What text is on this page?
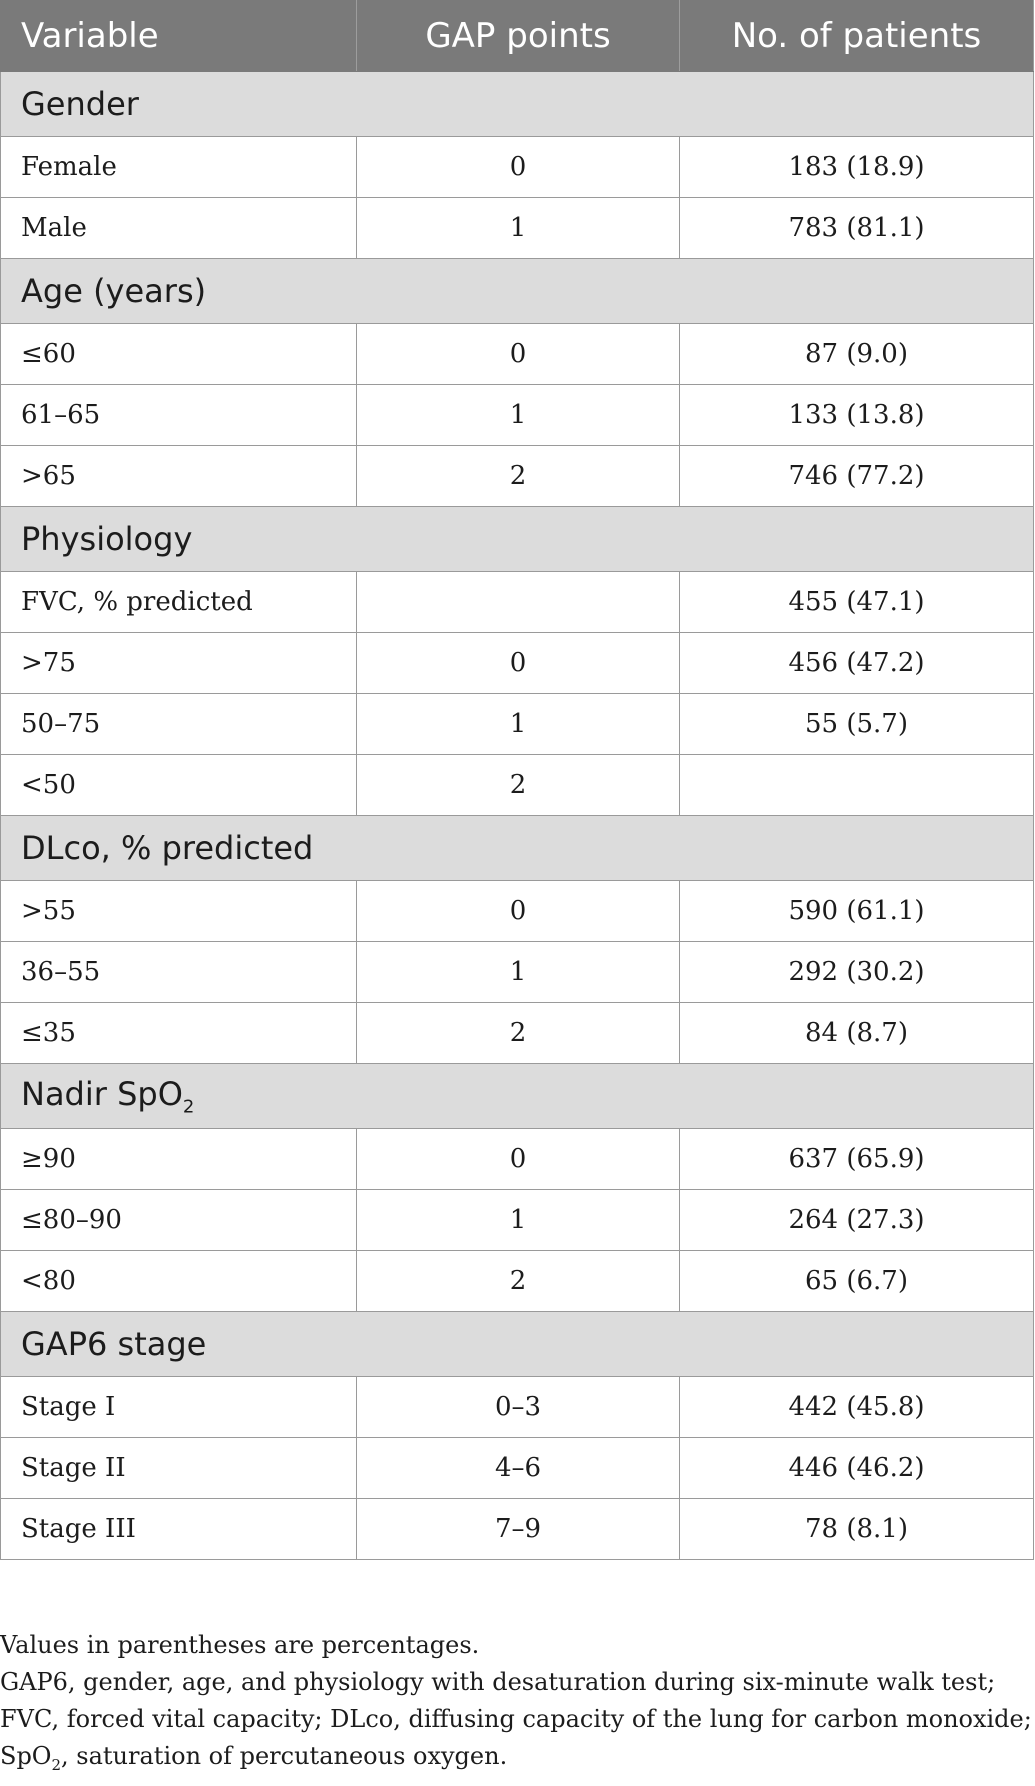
Variable	GAP points	No. of patients
Gender		
Female	0	183 (18.9)
Male	1	783 (81.1)
Age (years)		
≤60	0	87 (9.0)
61–65	1	133 (13.8)
>65	2	746 (77.2)
Physiology		
FVC, % predicted		455 (47.1)
>75	0	456 (47.2)
50–75	1	55 (5.7)
<50	2	
DLco, % predicted		
>55	0	590 (61.1)
36–55	1	292 (30.2)
≤35	2	84 (8.7)
Nadir SpO$_2$
≥90	0	637 (65.9)
≤80–90	1	264 (27.3)
<80	2	65 (6.7)
GAP6 stage		
Stage I	0–3	442 (45.8)
Stage II	4–6	446 (46.2)
Stage III	7–9	78 (8.1)

Values in parentheses are percentages.

GAP6, gender, age, and physiology with desaturation during six-minute walk test; FVC, forced vital capacity; DLco, diffusing capacity of the lung for carbon monoxide; SpO$_2$, saturation of percutaneous oxygen.
